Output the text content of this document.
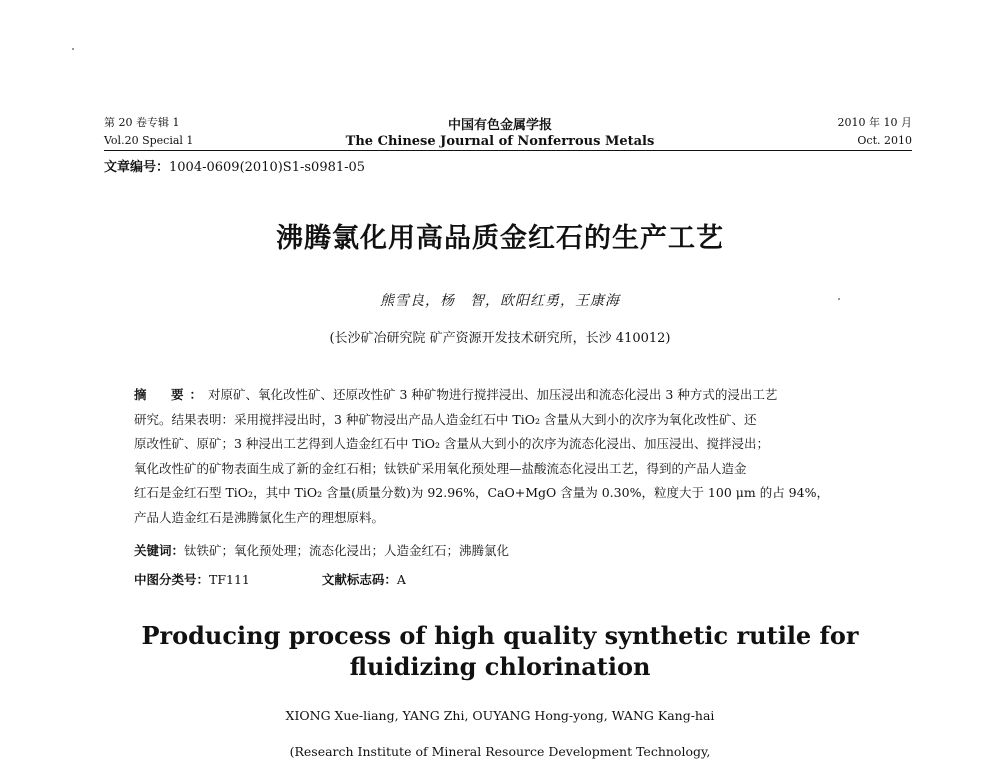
第 20 卷专辑 1
Vol.20 Special 1
中国有色金属学报
The Chinese Journal of Nonferrous Metals
2010 年 10 月
Oct. 2010
文章编号：1004-0609(2010)S1-s0981-05
沸腾氯化用高品质金红石的生产工艺
熊雪良，杨　智，欧阳红勇，王康海
(长沙矿冶研究院 矿产资源开发技术研究所，长沙 410012)
摘　要：对原矿、氧化改性矿、还原改性矿 3 种矿物进行搅拌浸出、加压浸出和流态化浸出 3 种方式的浸出工艺
研究。结果表明：采用搅拌浸出时，3 种矿物浸出产品人造金红石中 TiO₂ 含量从大到小的次序为氧化改性矿、还
原改性矿、原矿；3 种浸出工艺得到人造金红石中 TiO₂ 含量从大到小的次序为流态化浸出、加压浸出、搅拌浸出；
氧化改性矿的矿物表面生成了新的金红石相；钛铁矿采用氧化预处理—盐酸流态化浸出工艺，得到的产品人造金
红石是金红石型 TiO₂，其中 TiO₂ 含量(质量分数)为 92.96%，CaO+MgO 含量为 0.30%，粒度大于 100 μm 的占 94%，
产品人造金红石是沸腾氯化生产的理想原料。
关键词：钛铁矿；氧化预处理；流态化浸出；人造金红石；沸腾氯化
中图分类号：TF111	文献标志码：A
Producing process of high quality synthetic rutile for
fluidizing chlorination
XIONG Xue-liang, YANG Zhi, OUYANG Hong-yong, WANG Kang-hai
(Research Institute of Mineral Resource Development Technology,
